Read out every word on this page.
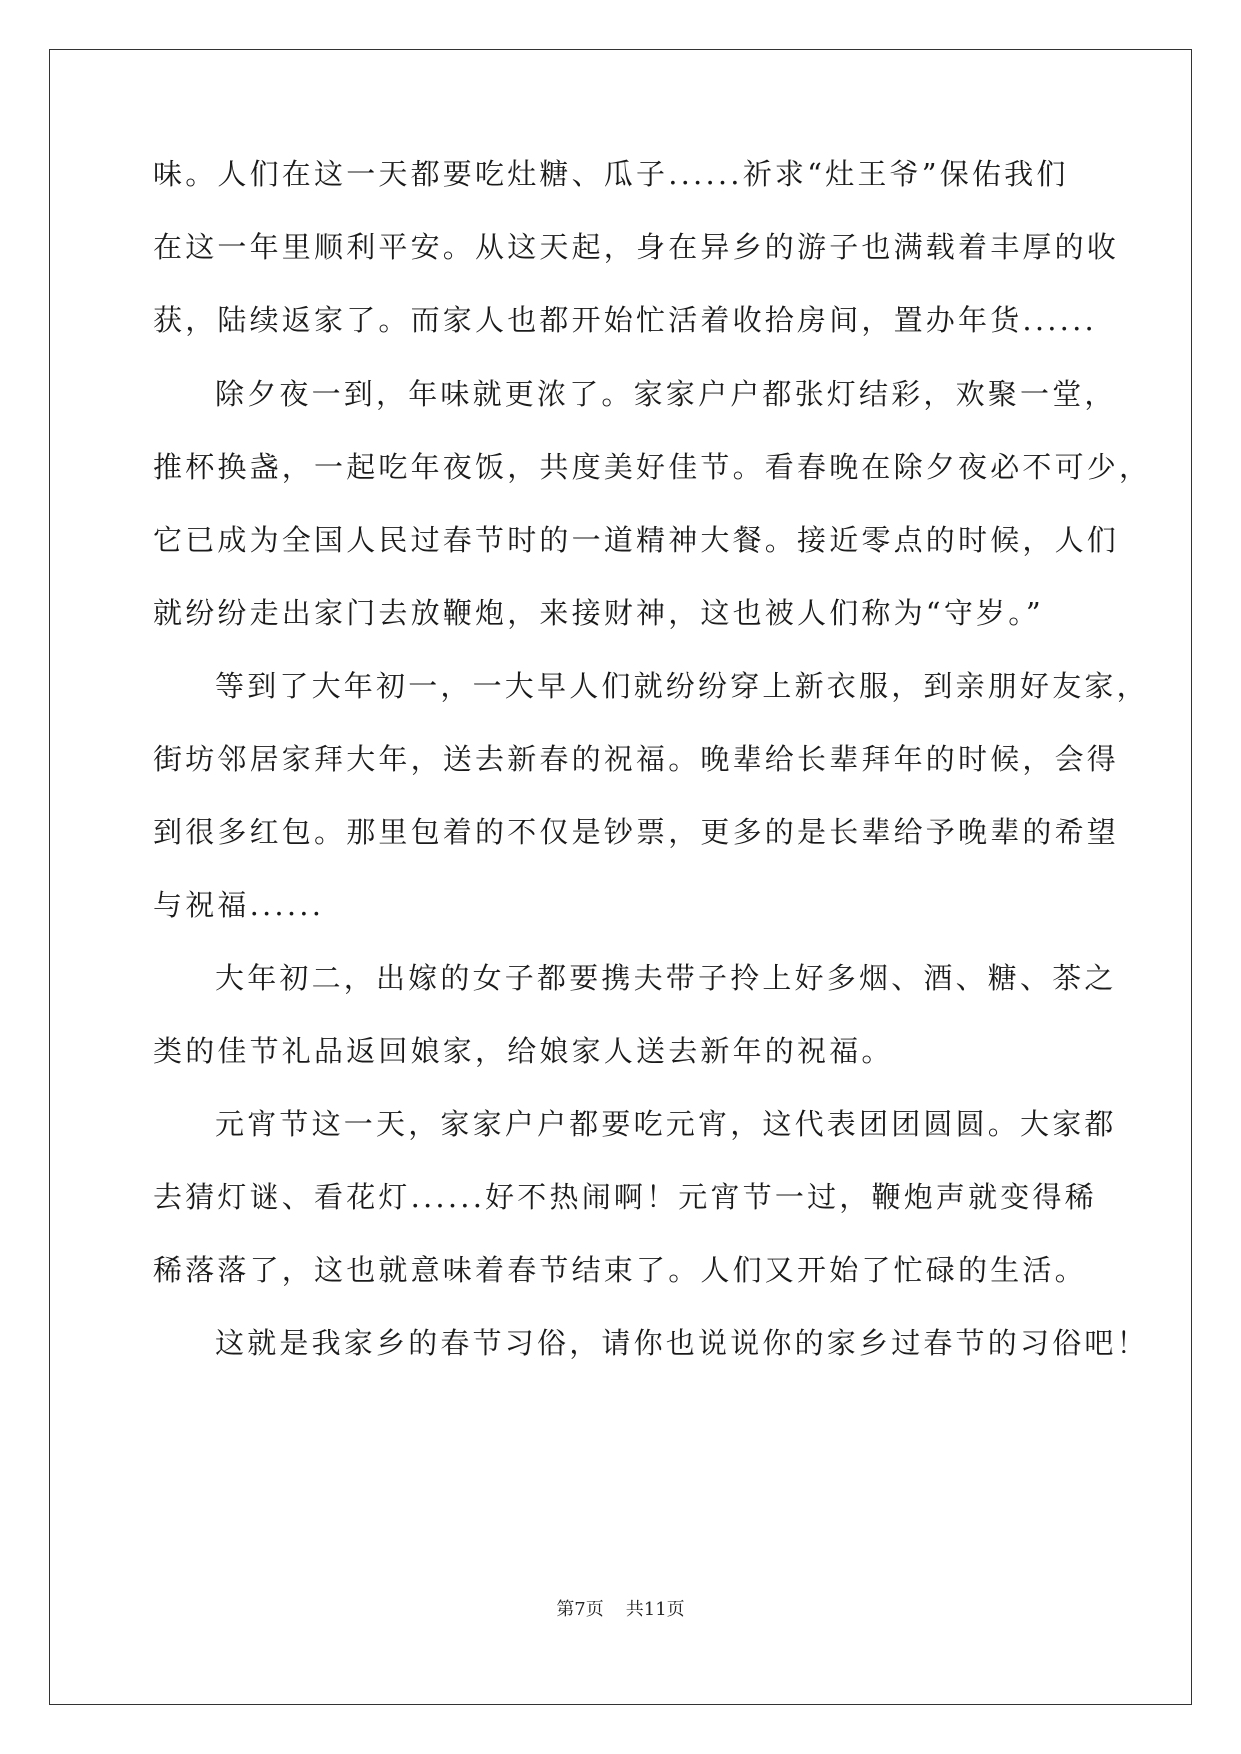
味。人们在这一天都要吃灶糖、瓜子......祈求“灶王爷”保佑我们
在这一年里顺利平安。从这天起，身在异乡的游子也满载着丰厚的收
获，陆续返家了。而家人也都开始忙活着收拾房间，置办年货......
除夕夜一到，年味就更浓了。家家户户都张灯结彩，欢聚一堂，
推杯换盏，一起吃年夜饭，共度美好佳节。看春晚在除夕夜必不可少，
它已成为全国人民过春节时的一道精神大餐。接近零点的时候，人们
就纷纷走出家门去放鞭炮，来接财神，这也被人们称为“守岁。”
等到了大年初一，一大早人们就纷纷穿上新衣服，到亲朋好友家，
街坊邻居家拜大年，送去新春的祝福。晚辈给长辈拜年的时候，会得
到很多红包。那里包着的不仅是钞票，更多的是长辈给予晚辈的希望
与祝福......
大年初二，出嫁的女子都要携夫带子拎上好多烟、酒、糖、茶之
类的佳节礼品返回娘家，给娘家人送去新年的祝福。
元宵节这一天，家家户户都要吃元宵，这代表团团圆圆。大家都
去猜灯谜、看花灯......好不热闹啊！元宵节一过，鞭炮声就变得稀
稀落落了，这也就意味着春节结束了。人们又开始了忙碌的生活。
这就是我家乡的春节习俗，请你也说说你的家乡过春节的习俗吧！
第7页 共11页
